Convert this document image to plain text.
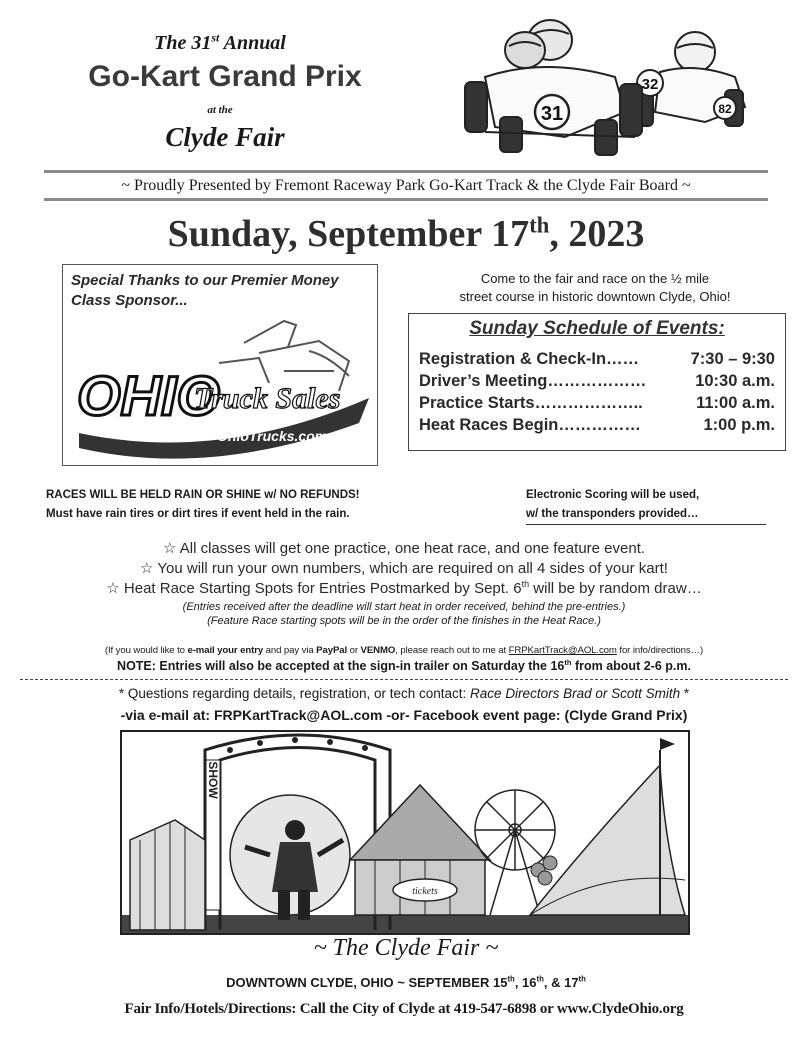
The 31st Annual
Go-Kart Grand Prix
at the
Clyde Fair
31
32
82
~ Proudly Presented by Fremont Raceway Park Go-Kart Track & the Clyde Fair Board ~
Sunday, September 17th, 2023
Special Thanks to our Premier Money Class Sponsor...
OHIO
Truck Sales
OhioTrucks.com
Come to the fair and race on the ½ mile
street course in historic downtown Clyde, Ohio!
Sunday Schedule of Events:
Registration & Check-In……	7:30 – 9:30
Driver’s Meeting………………	10:30 a.m.
Practice Starts………………..	11:00 a.m.
Heat Races Begin……………	1:00 p.m.
RACES WILL BE HELD RAIN OR SHINE w/ NO REFUNDS!
Must have rain tires or dirt tires if event held in the rain.
Electronic Scoring will be used,
w/ the transponders provided…
☆ All classes will get one practice, one heat race, and one feature event.
☆ You will run your own numbers, which are required on all 4 sides of your kart!
☆ Heat Race Starting Spots for Entries Postmarked by Sept. 6th will be by random draw…
(Entries received after the deadline will start heat in order received, behind the pre-entries.)
(Feature Race starting spots will be in the order of the finishes in the Heat Race.)
(If you would like to e-mail your entry and pay via PayPal or VENMO, please reach out to me at FRPKartTrack@AOL.com for info/directions…)
NOTE: Entries will also be accepted at the sign-in trailer on Saturday the 16th from about 2-6 p.m.
* Questions regarding details, registration, or tech contact: Race Directors Brad or Scott Smith *
-via e-mail at: FRPKartTrack@AOL.com -or- Facebook event page: (Clyde Grand Prix)
SHOW
tickets
~ The Clyde Fair ~
DOWNTOWN CLYDE, OHIO ~ SEPTEMBER 15th, 16th, & 17th
Fair Info/Hotels/Directions: Call the City of Clyde at 419-547-6898 or www.ClydeOhio.org
